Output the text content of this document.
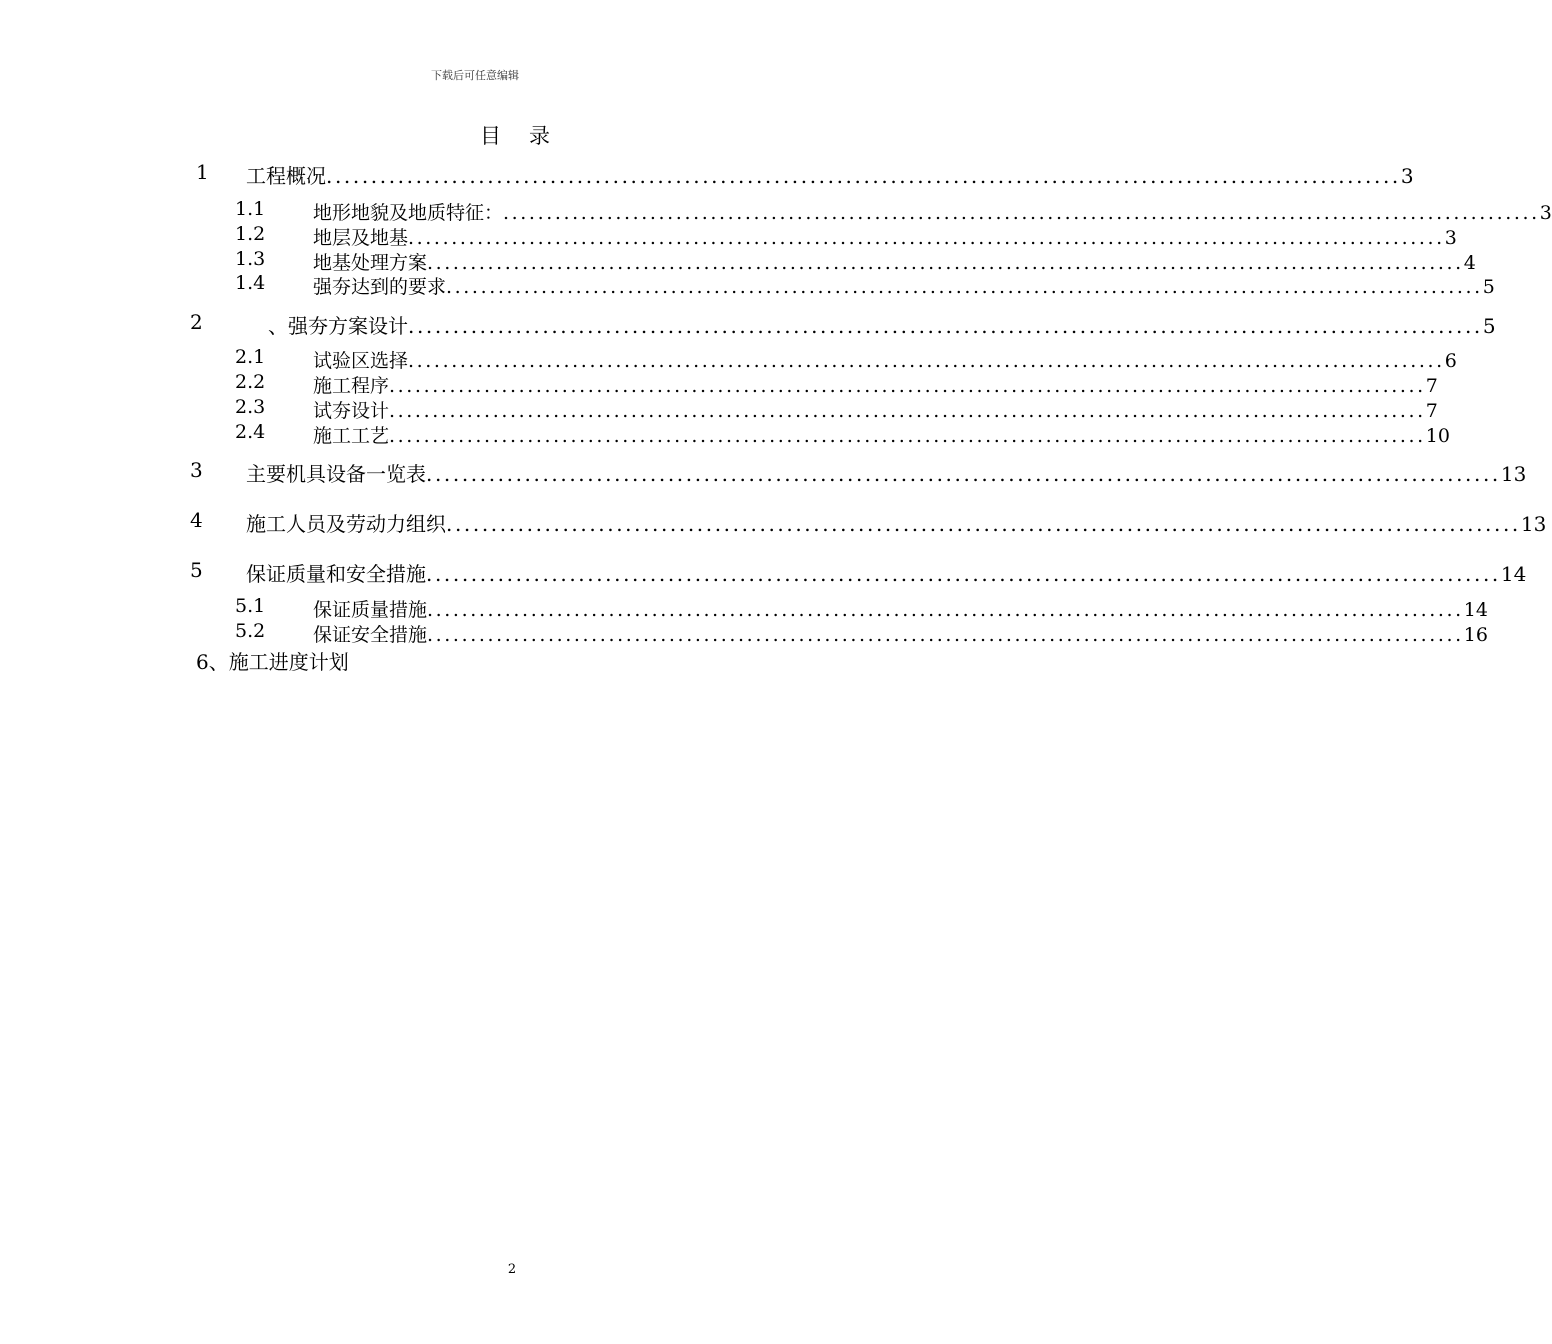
下载后可任意编辑
目 录
1 工程概况 ........................................................................................................................ 3
1.1	地形地貌及地质特征： ........................................................................................................................ 3
1.2	地层及地基 ........................................................................................................................ 3
1.3	地基处理方案 ........................................................................................................................ 4
1.4	强夯达到的要求 ........................................................................................................................ 5
2	、强夯方案设计 ........................................................................................................................ 5
2.1	试验区选择 ........................................................................................................................ 6
2.2	施工程序 ........................................................................................................................ 7
2.3	试夯设计 ........................................................................................................................ 7
2.4	施工工艺 ........................................................................................................................ 10
3 主要机具设备一览表 ........................................................................................................................ 13
4 施工人员及劳动力组织 ........................................................................................................................ 13
5 保证质量和安全措施 ........................................................................................................................ 14
5.1	保证质量措施 ........................................................................................................................ 14
5.2	保证安全措施 ........................................................................................................................ 16
6、施工进度计划
2
